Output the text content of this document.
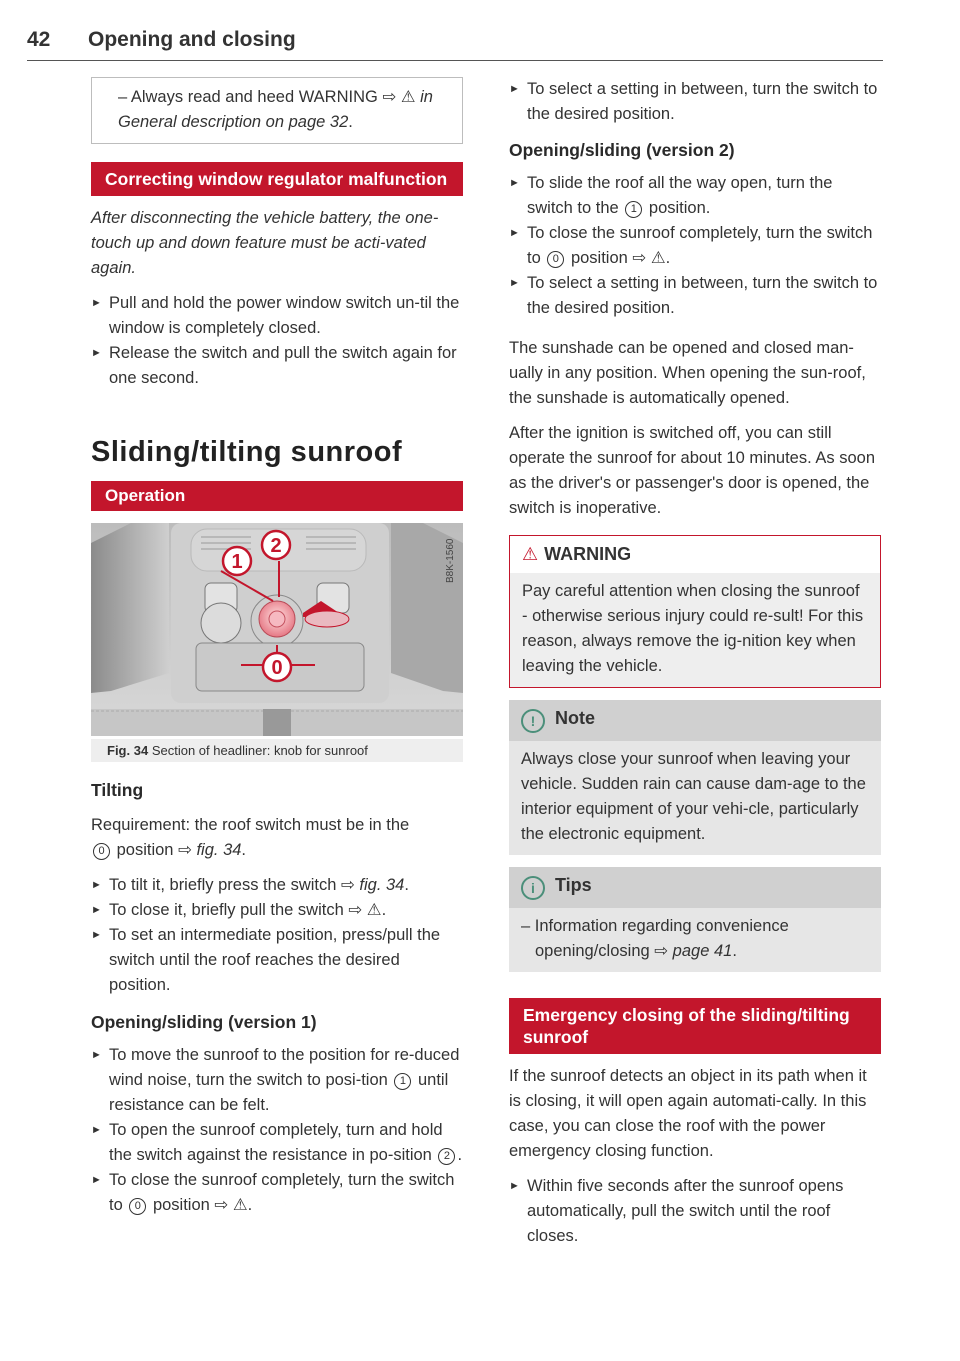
42 Opening and closing
– Always read and heed WARNING ⇨ ⚠ in General description on page 32.
Correcting window regulator malfunction

After disconnecting the vehicle battery, the one-touch up and down feature must be acti-vated again.

► Pull and hold the power window switch un-til the window is completely closed.

► Release the switch and pull the switch again for one second.

Sliding/tilting sunroof
Operation
2
1
0
B8K-1560
Fig. 34 Section of headliner: knob for sunroof
Tilting

Requirement: the roof switch must be in the
0 position ⇨ fig. 34.

► To tilt it, briefly press the switch ⇨ fig. 34.

► To close it, briefly pull the switch ⇨ ⚠.

► To set an intermediate position, press/pull the switch until the roof reaches the desired position.

Opening/sliding (version 1)

► To move the sunroof to the position for re-duced wind noise, turn the switch to posi-tion 1 until resistance can be felt.

► To open the sunroof completely, turn and hold the switch against the resistance in po-sition 2 .

► To close the sunroof completely, turn the switch to 0 position ⇨ ⚠.

► To select a setting in between, turn the switch to the desired position.

Opening/sliding (version 2)

► To slide the roof all the way open, turn the switch to the 1 position.

► To close the sunroof completely, turn the switch to 0 position ⇨ ⚠.

► To select a setting in between, turn the switch to the desired position.

The sunshade can be opened and closed man-ually in any position. When opening the sun-roof, the sunshade is automatically opened.

After the ignition is switched off, you can still operate the sunroof for about 10 minutes. As soon as the driver's or passenger's door is opened, the switch is inoperative.

⚠ WARNING

Pay careful attention when closing the sunroof - otherwise serious injury could re-sult! For this reason, always remove the ig-nition key when leaving the vehicle.

! Note

Always close your sunroof when leaving your vehicle. Sudden rain can cause dam-age to the interior equipment of your vehi-cle, particularly the electronic equipment.

i Tips

– Information regarding convenience
opening/closing ⇨ page 41.

Emergency closing of the sliding/tilting sunroof

If the sunroof detects an object in its path when it is closing, it will open again automati-cally. In this case, you can close the roof with the power emergency closing function.

► Within five seconds after the sunroof opens automatically, pull the switch until the roof closes.
